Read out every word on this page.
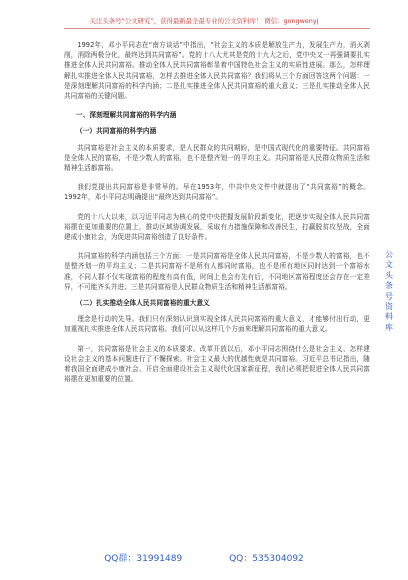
关注头条号“公文研究”，获得最新最全最专业的公文资料库！ 微信：gongwenyj

1992年，邓小平同志在“南方谈话”中指出，“社会主义的本质是解放生产力，发展生产力，消灭剥削，消除两极分化，最终达到共同富裕”。党的十八大尤其是党的十九大之后，党中央又一再强调要扎实推进全体人民共同富裕。推动全体人民共同富裕彰显着中国特色社会主义的实质性进展。那么，怎样理解扎实推进全体人民共同富裕，怎样去推进全体人民共同富裕？我们将从三个方面回答这两个问题：一是深刻理解共同富裕的科学内涵；二是扎实推进全体人民共同富裕的重大意义；三是扎实推动全体人民共同富裕的关键问题。

一、深刻理解共同富裕的科学内涵
（一）共同富裕的科学内涵

共同富裕是社会主义的本质要求，是人民群众的共同期盼，是中国式现代化的重要特征。共同富裕是全体人民的富裕，不是少数人的富裕，也不是整齐划一的平均主义。共同富裕是人民群众物质生活和精神生活都富裕。

我们党提出共同富裕是非常早的。早在1953年，中共中央文件中就提出了“共同富裕”的概念。1992年，邓小平同志明确提出“最终达到共同富裕”。

党的十八大以来，以习近平同志为核心的党中央把握发展阶段新变化，把逐步实现全体人民共同富裕摆在更加重要的位置上，推动区域协调发展，采取有力措施保障和改善民生，打赢脱贫攻坚战，全面建成小康社会，为促进共同富裕创造了良好条件。

共同富裕的科学内涵包括三个方面：一是共同富裕是全体人民共同富裕，不是少数人的富裕，也不是整齐划一的平均主义；二是共同富裕不是所有人都同时富裕，也不是所有地区同时达到一个富裕水准，不同人群不仅实现富裕的程度有高有低，时间上也会有先有后，不同地区富裕程度还会存在一定差异，不可能齐头并进；三是共同富裕是人民群众物质生活和精神生活都富裕。

（二）扎实推动全体人民共同富裕的重大意义

理念是行动的先导。我们只有深刻认识到实现全体人民共同富裕的重大意义，才能够付出行动，更加重视扎实推进全体人民共同富裕。我们可以从这样几个方面来理解共同富裕的重大意义。

第一，共同富裕是社会主义的本质要求。改革开放以后，邓小平同志围绕什么是社会主义、怎样建设社会主义的基本问题进行了不懈探索。社会主义最大的优越性就是共同富裕。习近平总书记指出，随着我国全面建成小康社会、开启全面建设社会主义现代化国家新征程，我们必须把促进全体人民共同富裕摆在更加重要的位置。

公文头条号资料库
QQ群：31991489	QQ：535304092
